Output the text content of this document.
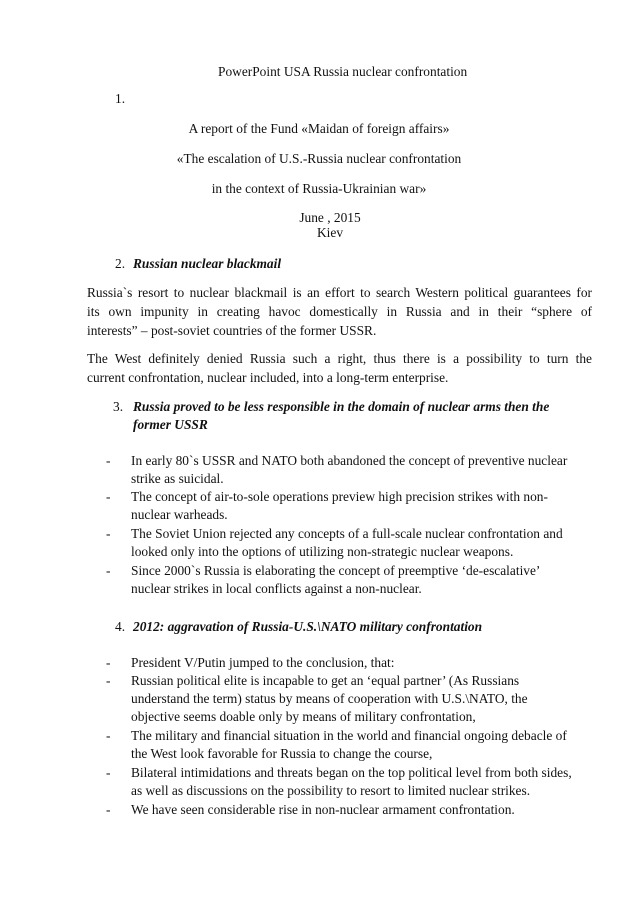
PowerPoint USA Russia nuclear confrontation
1.
A report of the Fund «Maidan of foreign affairs»
«The escalation of U.S.-Russia nuclear confrontation
in the context of Russia-Ukrainian war»
June , 2015
Kiev
2. Russian nuclear blackmail
Russia`s resort to nuclear blackmail is an effort to search Western political guarantees for
its own impunity in creating havoc domestically in Russia and in their “sphere of
interests” – post-soviet countries of the former USSR.
The West definitely denied Russia such a right, thus there is a possibility to turn the
current confrontation, nuclear included, into a long-term enterprise.
3. Russia proved to be less responsible in the domain of nuclear arms then the
former USSR
- In early 80`s USSR and NATO both abandoned the concept of preventive nuclear
strike as suicidal.
- The concept of air-to-sole operations preview high precision strikes with non-
nuclear warheads.
- The Soviet Union rejected any concepts of a full-scale nuclear confrontation and
looked only into the options of utilizing non-strategic nuclear weapons.
- Since 2000`s Russia is elaborating the concept of preemptive ‘de-escalative’
nuclear strikes in local conflicts against a non-nuclear.
4. 2012: aggravation of Russia-U.S.\NATO military confrontation
- President V/Putin jumped to the conclusion, that:
- Russian political elite is incapable to get an ‘equal partner’ (As Russians
understand the term) status by means of cooperation with U.S.\NATO, the
objective seems doable only by means of military confrontation,
- The military and financial situation in the world and financial ongoing debacle of
the West look favorable for Russia to change the course,
- Bilateral intimidations and threats began on the top political level from both sides,
as well as discussions on the possibility to resort to limited nuclear strikes.
- We have seen considerable rise in non-nuclear armament confrontation.
